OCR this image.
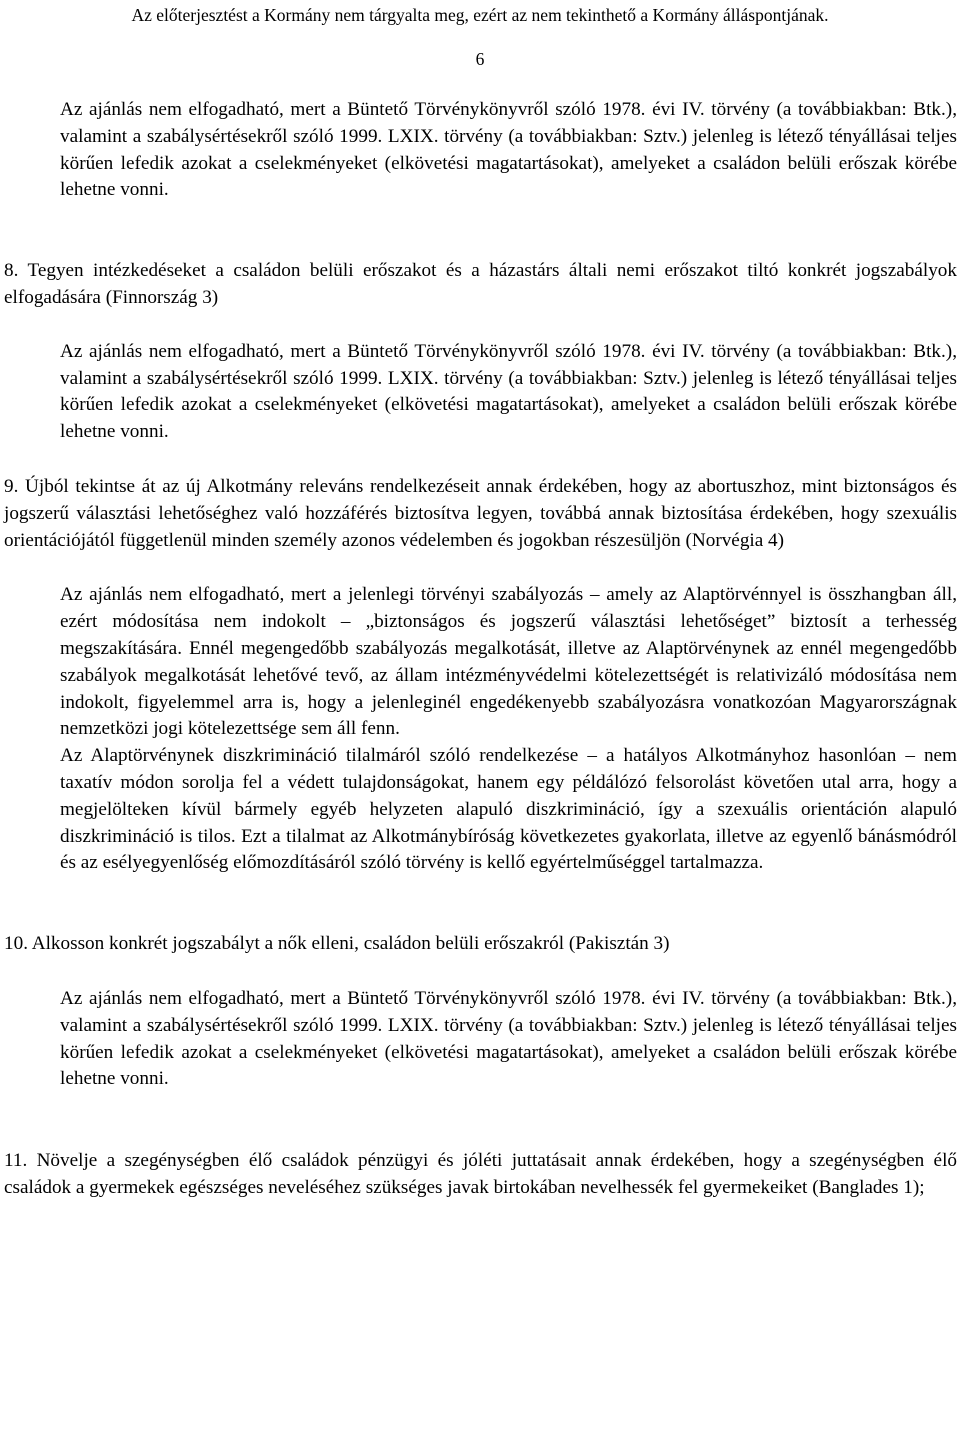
Az előterjesztést a Kormány nem tárgyalta meg, ezért az nem tekinthető a Kormány álláspontjának.
6

Az ajánlás nem elfogadható, mert a Büntető Törvénykönyvről szóló 1978. évi IV. törvény (a továbbiakban: Btk.), valamint a szabálysértésekről szóló 1999. LXIX. törvény (a továbbiakban: Sztv.) jelenleg is létező tényállásai teljes körűen lefedik azokat a cselekményeket (elkövetési magatartásokat), amelyeket a családon belüli erőszak körébe lehetne vonni.

8. Tegyen intézkedéseket a családon belüli erőszakot és a házastárs általi nemi erőszakot tiltó konkrét jogszabályok elfogadására (Finnország 3)

Az ajánlás nem elfogadható, mert a Büntető Törvénykönyvről szóló 1978. évi IV. törvény (a továbbiakban: Btk.), valamint a szabálysértésekről szóló 1999. LXIX. törvény (a továbbiakban: Sztv.) jelenleg is létező tényállásai teljes körűen lefedik azokat a cselekményeket (elkövetési magatartásokat), amelyeket a családon belüli erőszak körébe lehetne vonni.

9. Újból tekintse át az új Alkotmány releváns rendelkezéseit annak érdekében, hogy az abortuszhoz, mint biztonságos és jogszerű választási lehetőséghez való hozzáférés biztosítva legyen, továbbá annak biztosítása érdekében, hogy szexuális orientációjától függetlenül minden személy azonos védelemben és jogokban részesüljön (Norvégia 4)

Az ajánlás nem elfogadható, mert a jelenlegi törvényi szabályozás – amely az Alaptörvénnyel is összhangban áll, ezért módosítása nem indokolt – „biztonságos és jogszerű választási lehetőséget” biztosít a terhesség megszakítására. Ennél megengedőbb szabályozás megalkotását, illetve az Alaptörvénynek az ennél megengedőbb szabályok megalkotását lehetővé tevő, az állam intézményvédelmi kötelezettségét is relativizáló módosítása nem indokolt, figyelemmel arra is, hogy a jelenleginél engedékenyebb szabályozásra vonatkozóan Magyarországnak nemzetközi jogi kötelezettsége sem áll fenn.

Az Alaptörvénynek diszkrimináció tilalmáról szóló rendelkezése – a hatályos Alkotmányhoz hasonlóan – nem taxatív módon sorolja fel a védett tulajdonságokat, hanem egy példálózó felsorolást követően utal arra, hogy a megjelölteken kívül bármely egyéb helyzeten alapuló diszkrimináció, így a szexuális orientáción alapuló diszkrimináció is tilos. Ezt a tilalmat az Alkotmánybíróság következetes gyakorlata, illetve az egyenlő bánásmódról és az esélyegyenlőség előmozdításáról szóló törvény is kellő egyértelműséggel tartalmazza.

10. Alkosson konkrét jogszabályt a nők elleni, családon belüli erőszakról (Pakisztán 3)

Az ajánlás nem elfogadható, mert a Büntető Törvénykönyvről szóló 1978. évi IV. törvény (a továbbiakban: Btk.), valamint a szabálysértésekről szóló 1999. LXIX. törvény (a továbbiakban: Sztv.) jelenleg is létező tényállásai teljes körűen lefedik azokat a cselekményeket (elkövetési magatartásokat), amelyeket a családon belüli erőszak körébe lehetne vonni.

11. Növelje a szegénységben élő családok pénzügyi és jóléti juttatásait annak érdekében, hogy a szegénységben élő családok a gyermekek egészséges neveléséhez szükséges javak birtokában nevelhessék fel gyermekeiket (Banglades 1);
